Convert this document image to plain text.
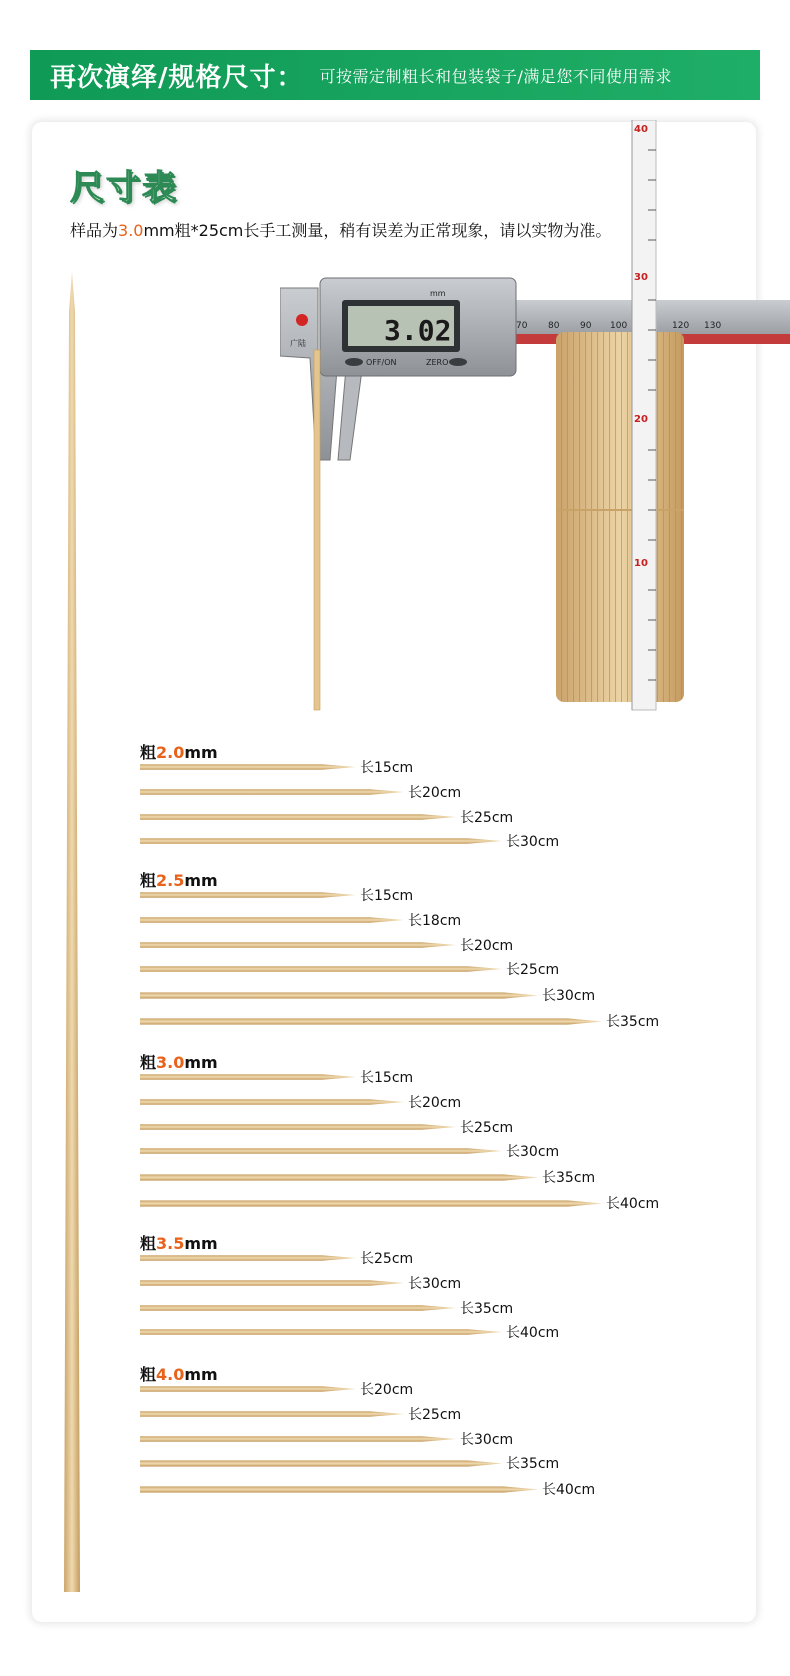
再次演绎/规格尺寸： 可按需定制粗长和包装袋子/满足您不同使用需求
尺寸表
样品为3.0mm粗*25cm长手工测量，稍有误差为正常现象，请以实物为准。
70 80 90 100	120 130
40
30
20
10
3.02
mm
OFF/ON	ZERO
广陆
粗2.0mm
长15cm
长20cm
长25cm
长30cm
粗2.5mm
长15cm
长18cm
长20cm
长25cm
长30cm
长35cm
粗3.0mm
长15cm
长20cm
长25cm
长30cm
长35cm
长40cm
粗3.5mm
长25cm
长30cm
长35cm
长40cm
粗4.0mm
长20cm
长25cm
长30cm
长35cm
长40cm
